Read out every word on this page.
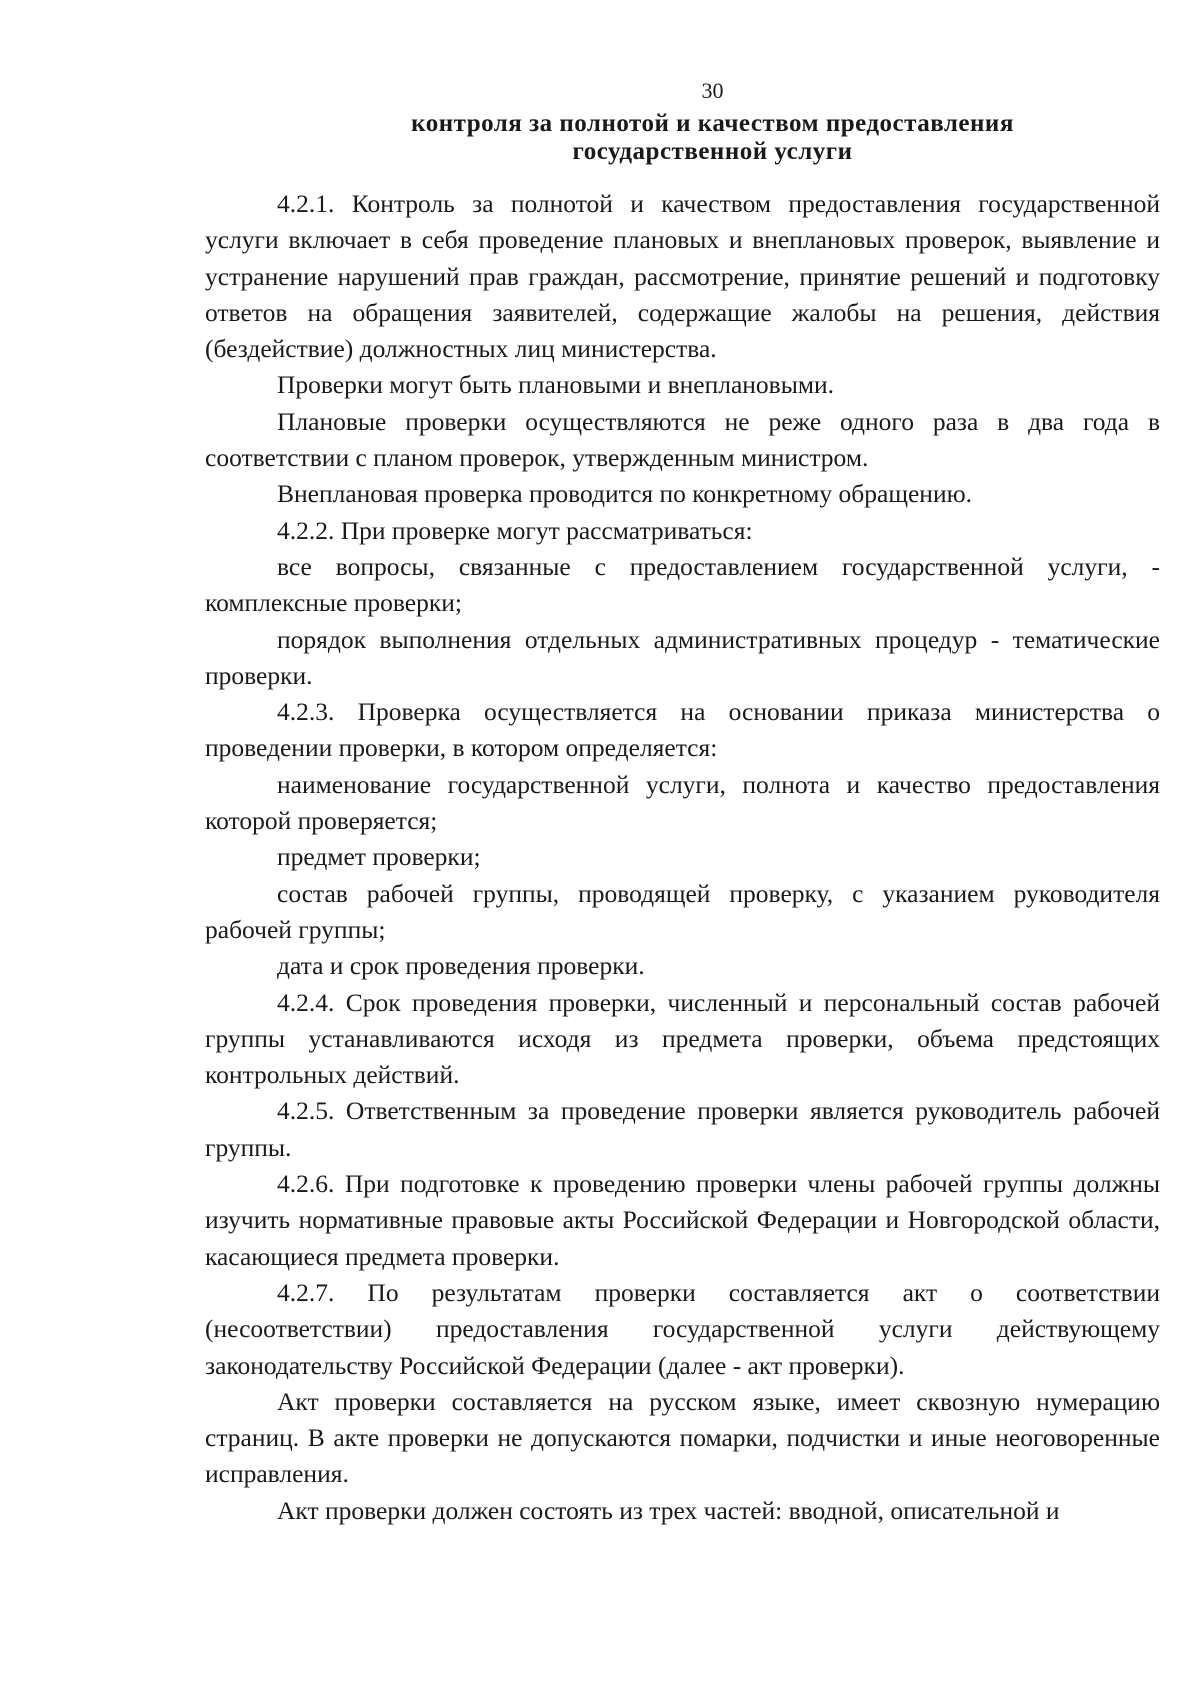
30
контроля за полнотой и качеством предоставления
государственной услуги

4.2.1. Контроль за полнотой и качеством предоставления государственной услуги включает в себя проведение плановых и внеплановых проверок, выявление и устранение нарушений прав граждан, рассмотрение, принятие решений и подготовку ответов на обращения заявителей, содержащие жалобы на решения, действия (бездействие) должностных лиц министерства.

Проверки могут быть плановыми и внеплановыми.

Плановые проверки осуществляются не реже одного раза в два года в соответствии с планом проверок, утвержденным министром.

Внеплановая проверка проводится по конкретному обращению.

4.2.2. При проверке могут рассматриваться:

все вопросы, связанные с предоставлением государственной услуги, - комплексные проверки;

порядок выполнения отдельных административных процедур - тематические проверки.

4.2.3. Проверка осуществляется на основании приказа министерства о проведении проверки, в котором определяется:

наименование государственной услуги, полнота и качество предоставления которой проверяется;

предмет проверки;

состав рабочей группы, проводящей проверку, с указанием руководителя рабочей группы;

дата и срок проведения проверки.

4.2.4. Срок проведения проверки, численный и персональный состав рабочей группы устанавливаются исходя из предмета проверки, объема предстоящих контрольных действий.

4.2.5. Ответственным за проведение проверки является руководитель рабочей группы.

4.2.6. При подготовке к проведению проверки члены рабочей группы должны изучить нормативные правовые акты Российской Федерации и Новгородской области, касающиеся предмета проверки.

4.2.7. По результатам проверки составляется акт о соответствии (несоответствии) предоставления государственной услуги действующему законодательству Российской Федерации (далее - акт проверки).

Акт проверки составляется на русском языке, имеет сквозную нумерацию страниц. В акте проверки не допускаются помарки, подчистки и иные неоговоренные исправления.

Акт проверки должен состоять из трех частей: вводной, описательной и
